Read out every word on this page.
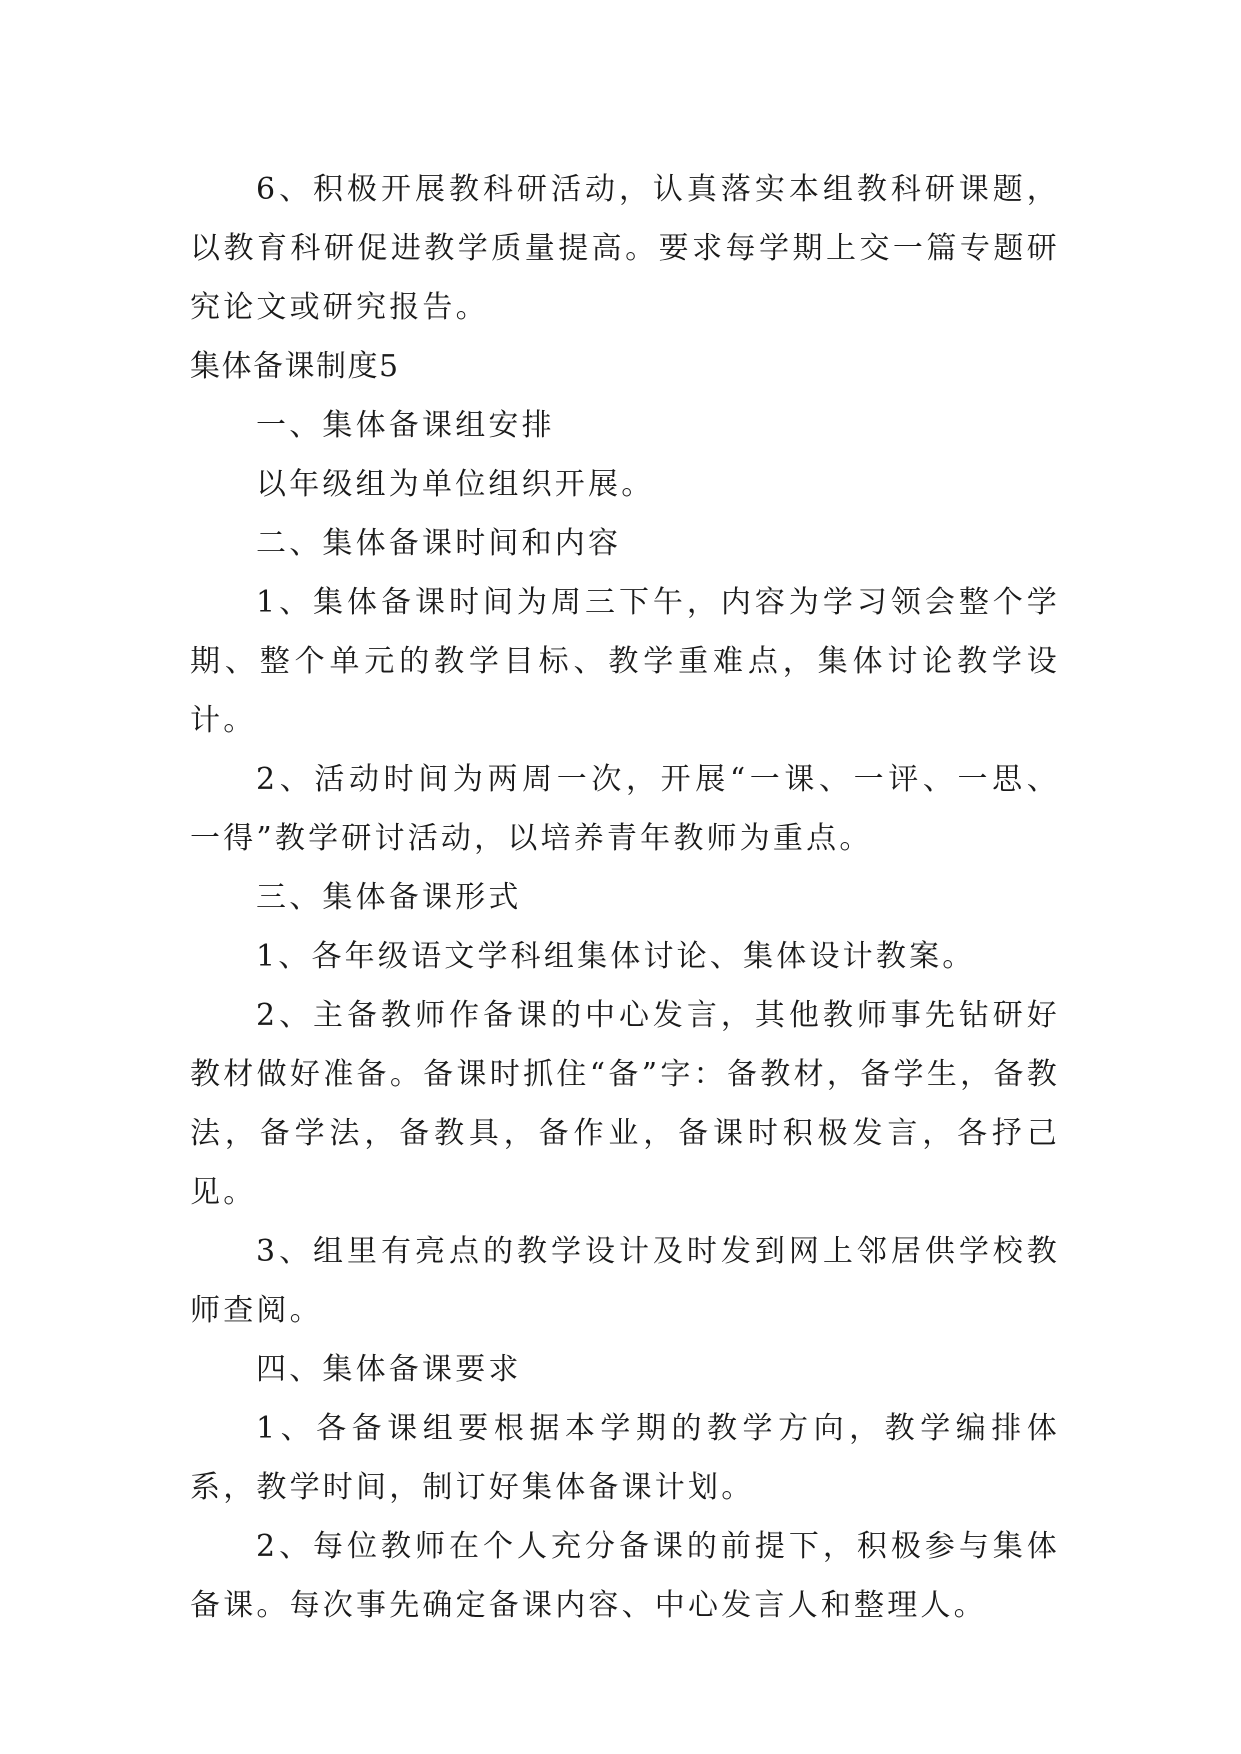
6、积极开展教科研活动，认真落实本组教科研课题，以教育科研促进教学质量提高。要求每学期上交一篇专题研究论文或研究报告。

集体备课制度5

一、集体备课组安排

以年级组为单位组织开展。

二、集体备课时间和内容

1、集体备课时间为周三下午，内容为学习领会整个学期、整个单元的教学目标、教学重难点，集体讨论教学设计。

2、活动时间为两周一次，开展“一课、一评、一思、一得”教学研讨活动，以培养青年教师为重点。

三、集体备课形式

1、各年级语文学科组集体讨论、集体设计教案。

2、主备教师作备课的中心发言，其他教师事先钻研好教材做好准备。备课时抓住“备”字：备教材，备学生，备教法，备学法，备教具，备作业，备课时积极发言，各抒己见。

3、组里有亮点的教学设计及时发到网上邻居供学校教师查阅。

四、集体备课要求

1、各备课组要根据本学期的教学方向，教学编排体系，教学时间，制订好集体备课计划。

2、每位教师在个人充分备课的前提下，积极参与集体备课。每次事先确定备课内容、中心发言人和整理人。
